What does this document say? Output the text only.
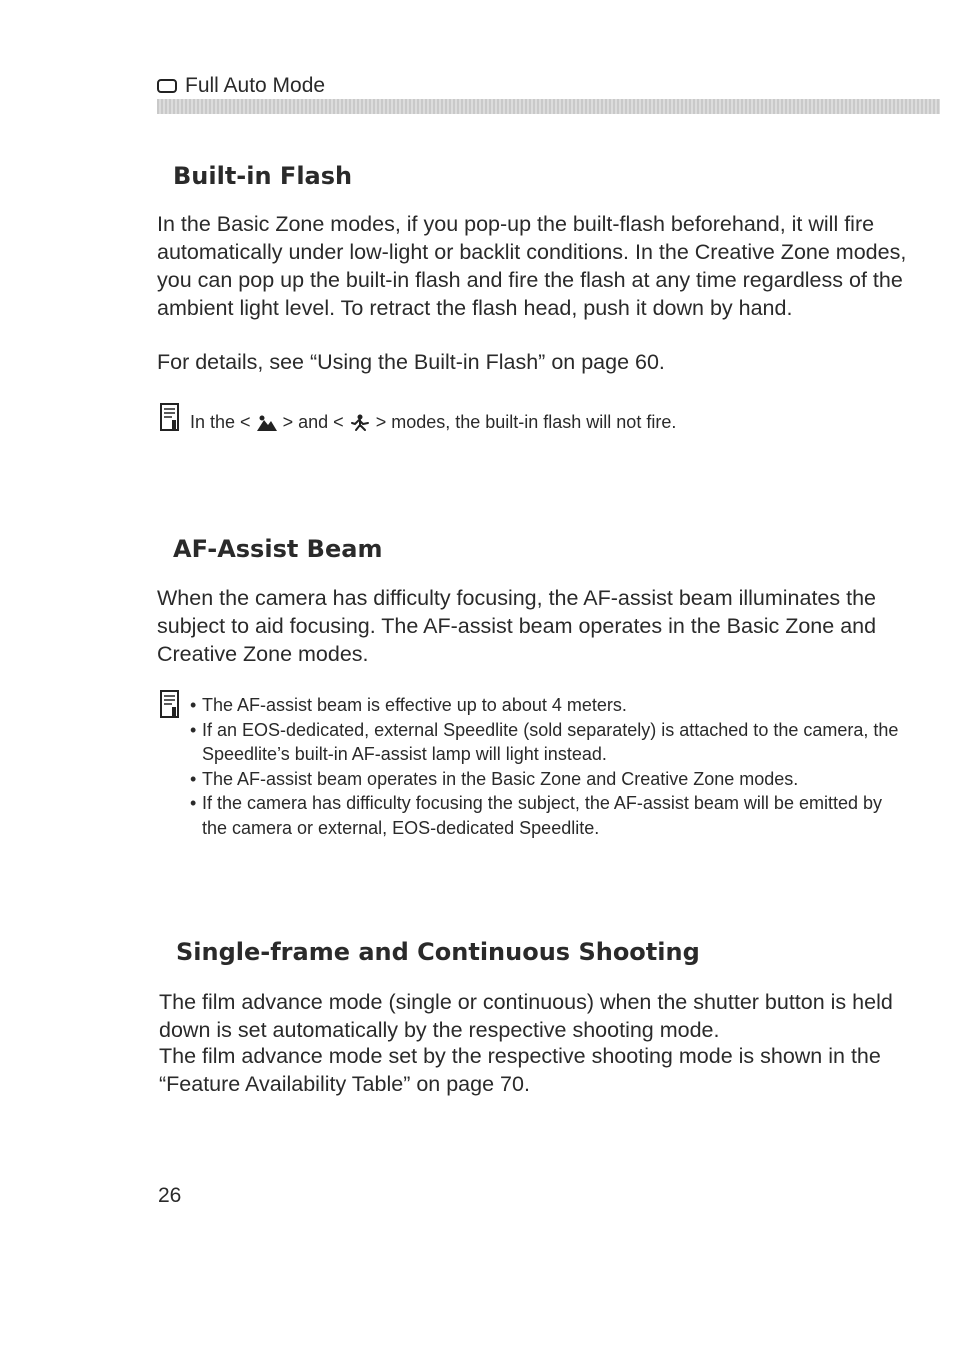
Full Auto Mode
Built-in Flash

In the Basic Zone modes, if you pop-up the built-flash beforehand, it will fire automatically under low-light or backlit conditions. In the Creative Zone modes, you can pop up the built-in flash and fire the flash at any time regardless of the ambient light level. To retract the flash head, push it down by hand.

For details, see “Using the Built-in Flash” on page 60.

In the < > and < > modes, the built-in flash will not fire.
AF-Assist Beam

When the camera has difficulty focusing, the AF-assist beam illuminates the subject to aid focusing. The AF-assist beam operates in the Basic Zone and Creative Zone modes.

• The AF-assist beam is effective up to about 4 meters.
• If an EOS-dedicated, external Speedlite (sold separately) is attached to the camera, the Speedlite’s built-in AF-assist lamp will light instead.
• The AF-assist beam operates in the Basic Zone and Creative Zone modes.
• If the camera has difficulty focusing the subject, the AF-assist beam will be emitted by the camera or external, EOS-dedicated Speedlite.
Single-frame and Continuous Shooting

The film advance mode (single or continuous) when the shutter button is held down is set automatically by the respective shooting mode.

The film advance mode set by the respective shooting mode is shown in the “Feature Availability Table” on page 70.

26
